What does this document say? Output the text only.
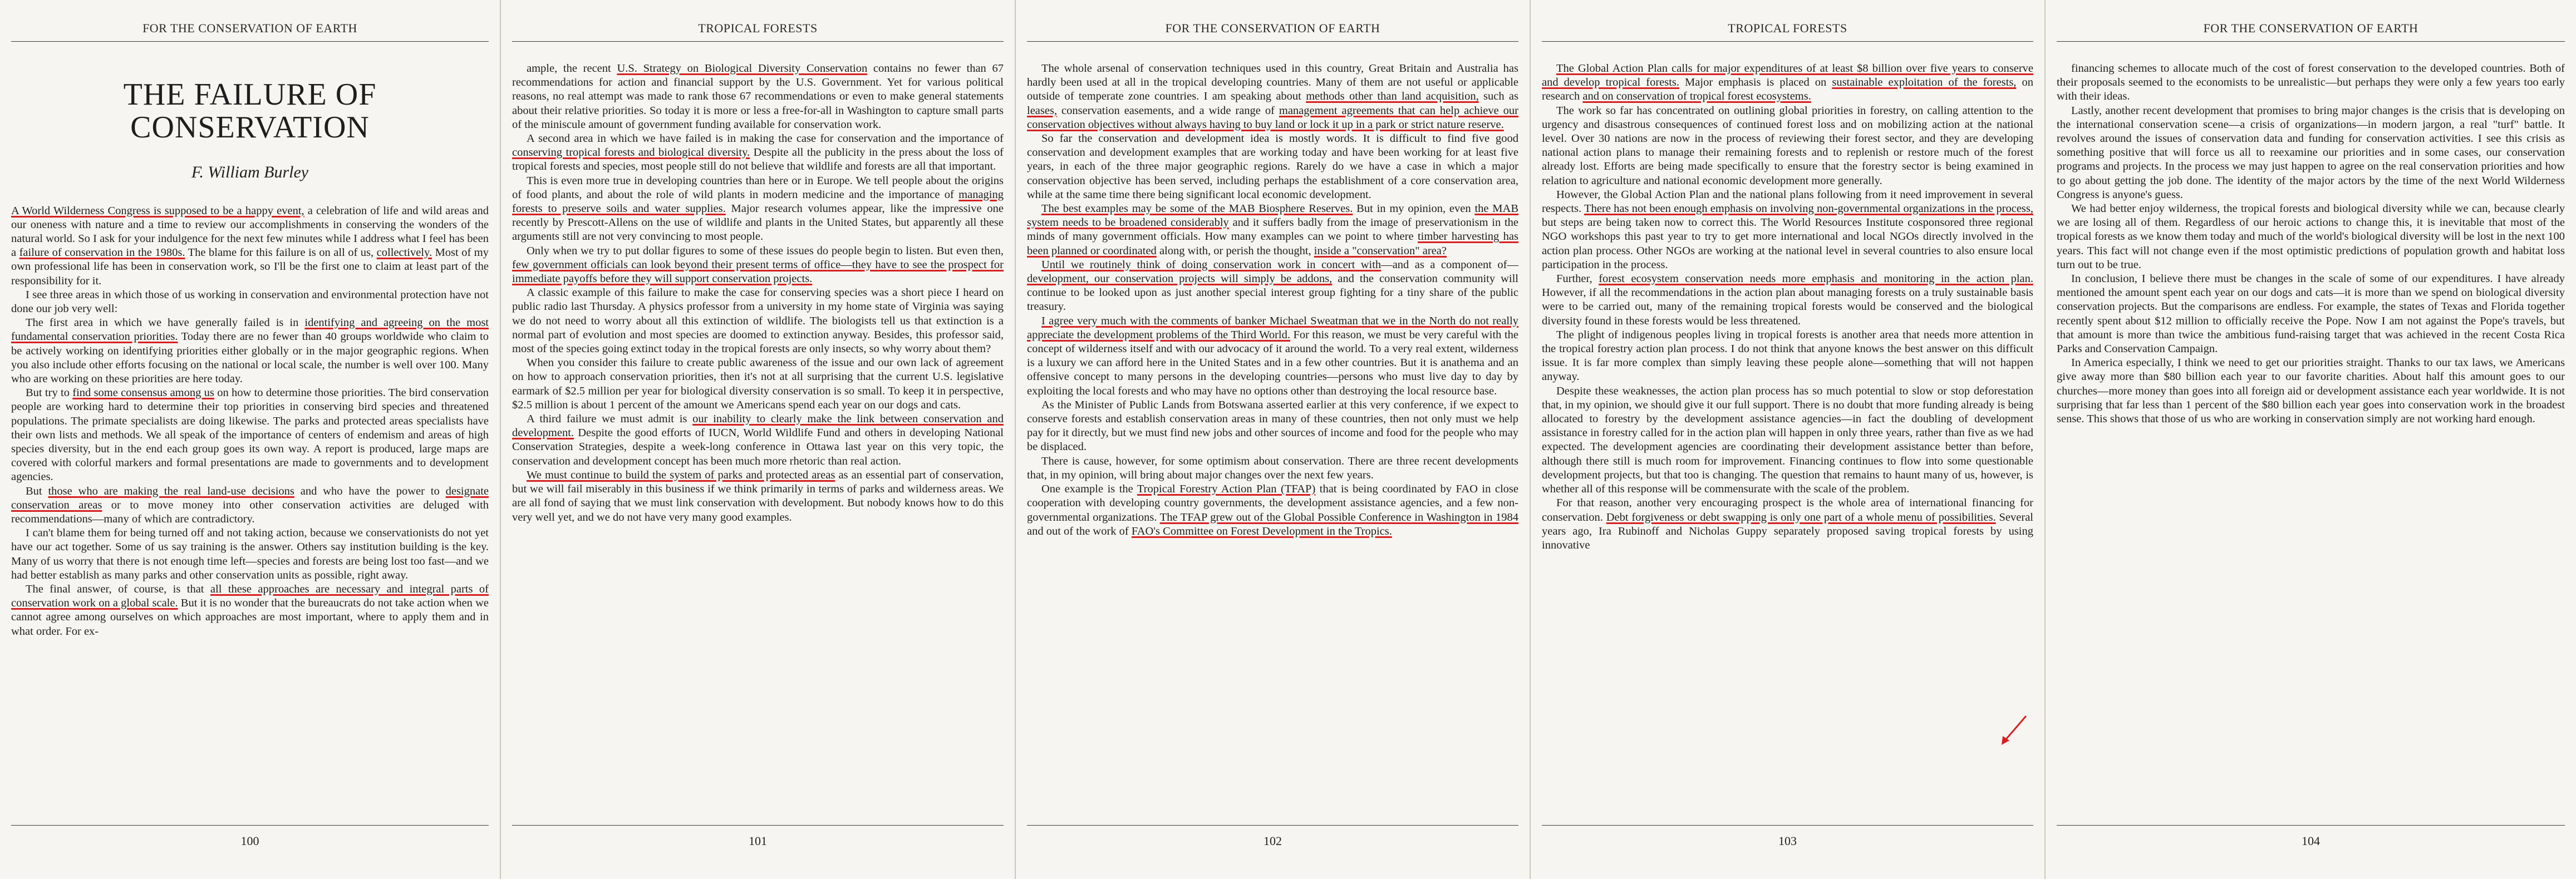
FOR THE CONSERVATION OF EARTH
THE FAILURE OF
CONSERVATION
F. William Burley

A World Wilderness Congress is supposed to be a happy event, a celebration of life and wild areas and our oneness with nature and a time to review our accomplishments in conserving the wonders of the natural world. So I ask for your indulgence for the next few minutes while I address what I feel has been a failure of conservation in the 1980s. The blame for this failure is on all of us, collectively. Most of my own professional life has been in conservation work, so I'll be the first one to claim at least part of the responsibility for it.

I see three areas in which those of us working in conservation and environmental protection have not done our job very well:

The first area in which we have generally failed is in identifying and agreeing on the most fundamental conservation priorities. Today there are no fewer than 40 groups worldwide who claim to be actively working on identifying priorities either globally or in the major geographic regions. When you also include other efforts focusing on the national or local scale, the number is well over 100. Many who are working on these priorities are here today.

But try to find some consensus among us on how to determine those priorities. The bird conservation people are working hard to determine their top priorities in conserving bird species and threatened populations. The primate specialists are doing likewise. The parks and protected areas specialists have their own lists and methods. We all speak of the importance of centers of endemism and areas of high species diversity, but in the end each group goes its own way. A report is produced, large maps are covered with colorful markers and formal presentations are made to governments and to development agencies.

But those who are making the real land-use decisions and who have the power to designate conservation areas or to move money into other conservation activities are deluged with recommendations—many of which are contradictory.

I can't blame them for being turned off and not taking action, because we conservationists do not yet have our act together. Some of us say training is the answer. Others say institution building is the key. Many of us worry that there is not enough time left—species and forests are being lost too fast—and we had better establish as many parks and other conservation units as possible, right away.

The final answer, of course, is that all these approaches are necessary and integral parts of conservation work on a global scale. But it is no wonder that the bureaucrats do not take action when we cannot agree among ourselves on which approaches are most important, where to apply them and in what order. For ex-

100
TROPICAL FORESTS

ample, the recent U.S. Strategy on Biological Diversity Conservation contains no fewer than 67 recommendations for action and financial support by the U.S. Government. Yet for various political reasons, no real attempt was made to rank those 67 recommendations or even to make general statements about their relative priorities. So today it is more or less a free-for-all in Washington to capture small parts of the miniscule amount of government funding available for conservation work.

A second area in which we have failed is in making the case for conservation and the importance of conserving tropical forests and biological diversity. Despite all the publicity in the press about the loss of tropical forests and species, most people still do not believe that wildlife and forests are all that important.

This is even more true in developing countries than here or in Europe. We tell people about the origins of food plants, and about the role of wild plants in modern medicine and the importance of managing forests to preserve soils and water supplies. Major research volumes appear, like the impressive one recently by Prescott-Allens on the use of wildlife and plants in the United States, but apparently all these arguments still are not very convincing to most people.

Only when we try to put dollar figures to some of these issues do people begin to listen. But even then, few government officials can look beyond their present terms of office—they have to see the prospect for immediate payoffs before they will support conservation projects.

A classic example of this failure to make the case for conserving species was a short piece I heard on public radio last Thursday. A physics professor from a university in my home state of Virginia was saying we do not need to worry about all this extinction of wildlife. The biologists tell us that extinction is a normal part of evolution and most species are doomed to extinction anyway. Besides, this professor said, most of the species going extinct today in the tropical forests are only insects, so why worry about them?

When you consider this failure to create public awareness of the issue and our own lack of agreement on how to approach conservation priorities, then it's not at all surprising that the current U.S. legislative earmark of $2.5 million per year for biological diversity conservation is so small. To keep it in perspective, $2.5 million is about 1 percent of the amount we Americans spend each year on our dogs and cats.

A third failure we must admit is our inability to clearly make the link between conservation and development. Despite the good efforts of IUCN, World Wildlife Fund and others in developing National Conservation Strategies, despite a week-long conference in Ottawa last year on this very topic, the conservation and development concept has been much more rhetoric than real action.

We must continue to build the system of parks and protected areas as an essential part of conservation, but we will fail miserably in this business if we think primarily in terms of parks and wilderness areas. We are all fond of saying that we must link conservation with development. But nobody knows how to do this very well yet, and we do not have very many good examples.

101
FOR THE CONSERVATION OF EARTH

The whole arsenal of conservation techniques used in this country, Great Britain and Australia has hardly been used at all in the tropical developing countries. Many of them are not useful or applicable outside of temperate zone countries. I am speaking about methods other than land acquisition, such as leases, conservation easements, and a wide range of management agreements that can help achieve our conservation objectives without always having to buy land or lock it up in a park or strict nature reserve.

So far the conservation and development idea is mostly words. It is difficult to find five good conservation and development examples that are working today and have been working for at least five years, in each of the three major geographic regions. Rarely do we have a case in which a major conservation objective has been served, including perhaps the establishment of a core conservation area, while at the same time there being significant local economic development.

The best examples may be some of the MAB Biosphere Reserves. But in my opinion, even the MAB system needs to be broadened considerably and it suffers badly from the image of preservationism in the minds of many government officials. How many examples can we point to where timber harvesting has been planned or coordinated along with, or perish the thought, inside a "conservation" area?

Until we routinely think of doing conservation work in concert with—and as a component of—development, our conservation projects will simply be addons, and the conservation community will continue to be looked upon as just another special interest group fighting for a tiny share of the public treasury.

I agree very much with the comments of banker Michael Sweatman that we in the North do not really appreciate the development problems of the Third World. For this reason, we must be very careful with the concept of wilderness itself and with our advocacy of it around the world. To a very real extent, wilderness is a luxury we can afford here in the United States and in a few other countries. But it is anathema and an offensive concept to many persons in the developing countries—persons who must live day to day by exploiting the local forests and who may have no options other than destroying the local resource base.

As the Minister of Public Lands from Botswana asserted earlier at this very conference, if we expect to conserve forests and establish conservation areas in many of these countries, then not only must we help pay for it directly, but we must find new jobs and other sources of income and food for the people who may be displaced.

There is cause, however, for some optimism about conservation. There are three recent developments that, in my opinion, will bring about major changes over the next few years.

One example is the Tropical Forestry Action Plan (TFAP) that is being coordinated by FAO in close cooperation with developing country governments, the development assistance agencies, and a few non-governmental organizations. The TFAP grew out of the Global Possible Conference in Washington in 1984 and out of the work of FAO's Committee on Forest Development in the Tropics.

102
TROPICAL FORESTS

The Global Action Plan calls for major expenditures of at least $8 billion over five years to conserve and develop tropical forests. Major emphasis is placed on sustainable exploitation of the forests, on research and on conservation of tropical forest ecosystems.

The work so far has concentrated on outlining global priorities in forestry, on calling attention to the urgency and disastrous consequences of continued forest loss and on mobilizing action at the national level. Over 30 nations are now in the process of reviewing their forest sector, and they are developing national action plans to manage their remaining forests and to replenish or restore much of the forest already lost. Efforts are being made specifically to ensure that the forestry sector is being examined in relation to agriculture and national economic development more generally.

However, the Global Action Plan and the national plans following from it need improvement in several respects. There has not been enough emphasis on involving non-governmental organizations in the process, but steps are being taken now to correct this. The World Resources Institute cosponsored three regional NGO workshops this past year to try to get more international and local NGOs directly involved in the action plan process. Other NGOs are working at the national level in several countries to also ensure local participation in the process.

Further, forest ecosystem conservation needs more emphasis and monitoring in the action plan. However, if all the recommendations in the action plan about managing forests on a truly sustainable basis were to be carried out, many of the remaining tropical forests would be conserved and the biological diversity found in these forests would be less threatened.

The plight of indigenous peoples living in tropical forests is another area that needs more attention in the tropical forestry action plan process. I do not think that anyone knows the best answer on this difficult issue. It is far more complex than simply leaving these people alone—something that will not happen anyway.

Despite these weaknesses, the action plan process has so much potential to slow or stop deforestation that, in my opinion, we should give it our full support. There is no doubt that more funding already is being allocated to forestry by the development assistance agencies—in fact the doubling of development assistance in forestry called for in the action plan will happen in only three years, rather than five as we had expected. The development agencies are coordinating their development assistance better than before, although there still is much room for improvement. Financing continues to flow into some questionable development projects, but that too is changing. The question that remains to haunt many of us, however, is whether all of this response will be commensurate with the scale of the problem.

For that reason, another very encouraging prospect is the whole area of international financing for conservation. Debt forgiveness or debt swapping is only one part of a whole menu of possibilities. Several years ago, Ira Rubinoff and Nicholas Guppy separately proposed saving tropical forests by using innovative

103
FOR THE CONSERVATION OF EARTH

financing schemes to allocate much of the cost of forest conservation to the developed countries. Both of their proposals seemed to the economists to be unrealistic—but perhaps they were only a few years too early with their ideas.

Lastly, another recent development that promises to bring major changes is the crisis that is developing on the international conservation scene—a crisis of organizations—in modern jargon, a real "turf" battle. It revolves around the issues of conservation data and funding for conservation activities. I see this crisis as something positive that will force us all to reexamine our priorities and in some cases, our conservation programs and projects. In the process we may just happen to agree on the real conservation priorities and how to go about getting the job done. The identity of the major actors by the time of the next World Wilderness Congress is anyone's guess.

We had better enjoy wilderness, the tropical forests and biological diversity while we can, because clearly we are losing all of them. Regardless of our heroic actions to change this, it is inevitable that most of the tropical forests as we know them today and much of the world's biological diversity will be lost in the next 100 years. This fact will not change even if the most optimistic predictions of population growth and habitat loss turn out to be true.

In conclusion, I believe there must be changes in the scale of some of our expenditures. I have already mentioned the amount spent each year on our dogs and cats—it is more than we spend on biological diversity conservation projects. But the comparisons are endless. For example, the states of Texas and Florida together recently spent about $12 million to officially receive the Pope. Now I am not against the Pope's travels, but that amount is more than twice the ambitious fund-raising target that was achieved in the recent Costa Rica Parks and Conservation Campaign.

In America especially, I think we need to get our priorities straight. Thanks to our tax laws, we Americans give away more than $80 billion each year to our favorite charities. About half this amount goes to our churches—more money than goes into all foreign aid or development assistance each year worldwide. It is not surprising that far less than 1 percent of the $80 billion each year goes into conservation work in the broadest sense. This shows that those of us who are working in conservation simply are not working hard enough.

104
